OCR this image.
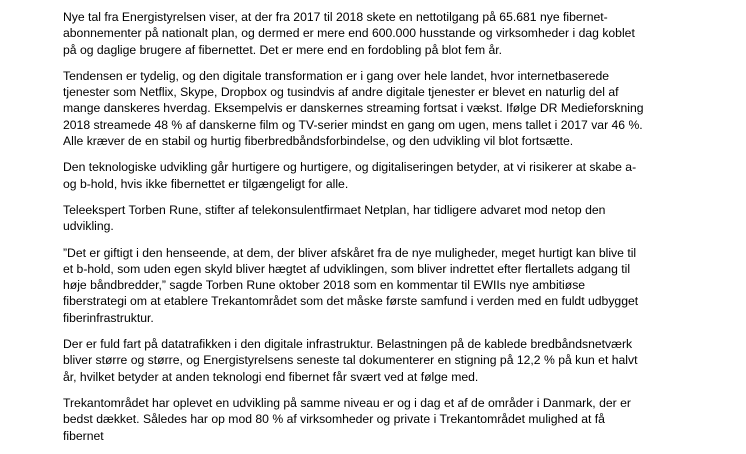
Nye tal fra Energistyrelsen viser, at der fra 2017 til 2018 skete en nettotilgang på 65.681 nye fibernet-
abonnementer på nationalt plan, og dermed er mere end 600.000 husstande og virksomheder i dag koblet
på og daglige brugere af fibernettet. Det er mere end en fordobling på blot fem år.

Tendensen er tydelig, og den digitale transformation er i gang over hele landet, hvor internetbaserede
tjenester som Netflix, Skype, Dropbox og tusindvis af andre digitale tjenester er blevet en naturlig del af
mange danskeres hverdag. Eksempelvis er danskernes streaming fortsat i vækst. Ifølge DR Medieforskning
2018 streamede 48 % af danskerne film og TV-serier mindst en gang om ugen, mens tallet i 2017 var 46 %.
Alle kræver de en stabil og hurtig fiberbredbåndsforbindelse, og den udvikling vil blot fortsætte.

Den teknologiske udvikling går hurtigere og hurtigere, og digitaliseringen betyder, at vi risikerer at skabe a-
og b-hold, hvis ikke fibernettet er tilgængeligt for alle.

Teleekspert Torben Rune, stifter af telekonsulentfirmaet Netplan, har tidligere advaret mod netop den
udvikling.

”Det er giftigt i den henseende, at dem, der bliver afskåret fra de nye muligheder, meget hurtigt kan blive til
et b-hold, som uden egen skyld bliver hægtet af udviklingen, som bliver indrettet efter flertallets adgang til
høje båndbredder,” sagde Torben Rune oktober 2018 som en kommentar til EWIIs nye ambitiøse
fiberstrategi om at etablere Trekantområdet som det måske første samfund i verden med en fuldt udbygget
fiberinfrastruktur.

Der er fuld fart på datatrafikken i den digitale infrastruktur. Belastningen på de kablede bredbåndsnetværk
bliver større og større, og Energistyrelsens seneste tal dokumenterer en stigning på 12,2 % på kun et halvt
år, hvilket betyder at anden teknologi end fibernet får svært ved at følge med.

Trekantområdet har oplevet en udvikling på samme niveau er og i dag et af de områder i Danmark, der er
bedst dækket. Således har op mod 80 % af virksomheder og private i Trekantområdet mulighed at få
fibernet
